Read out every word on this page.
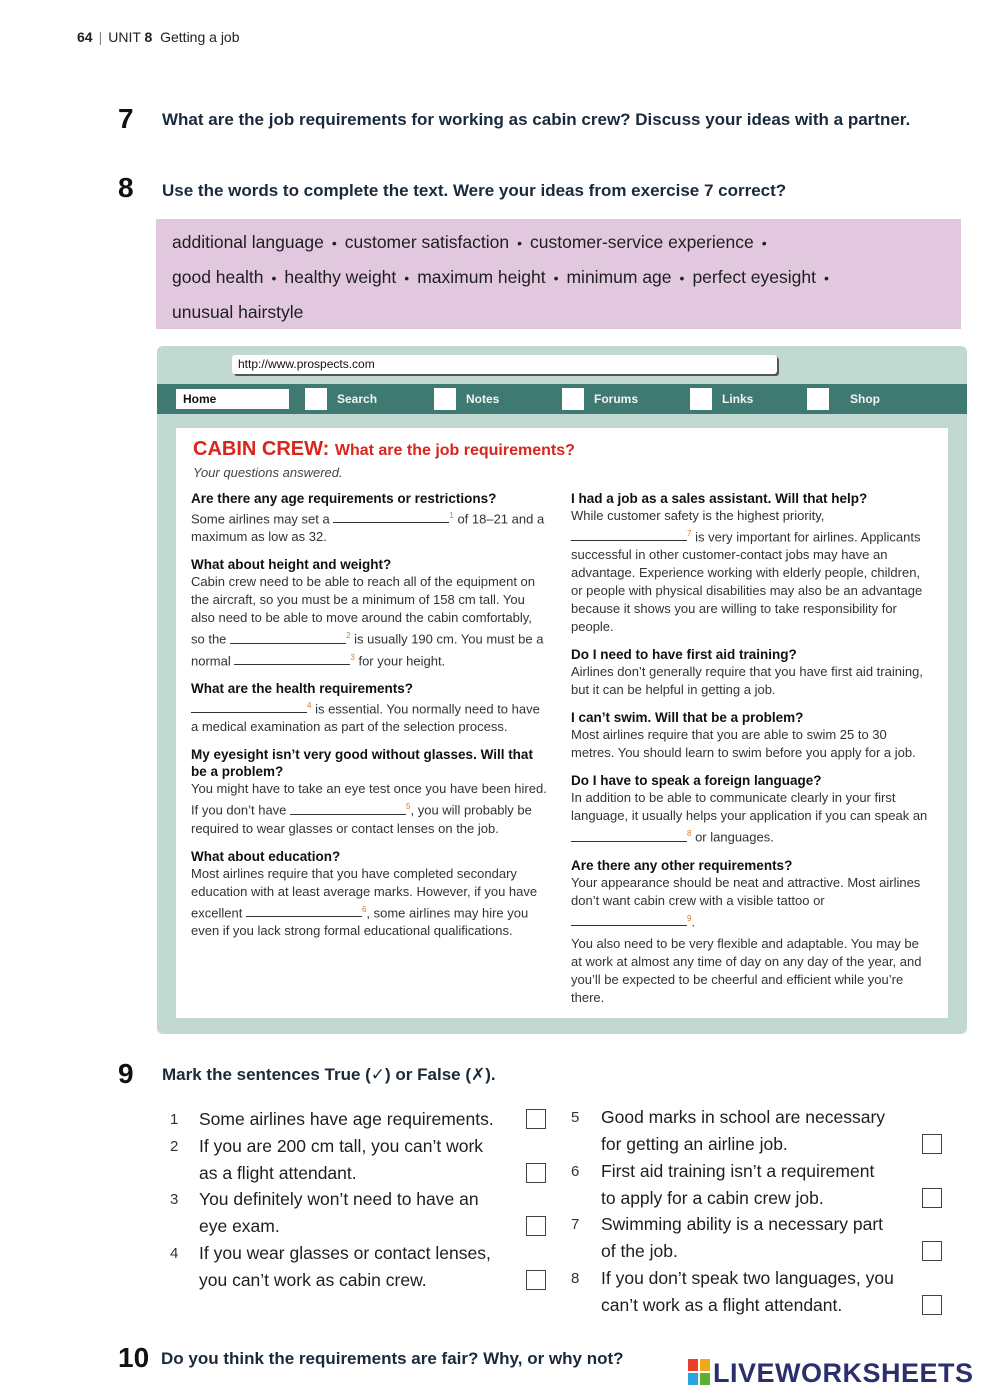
64 | UNIT 8 Getting a job
7 What are the job requirements for working as cabin crew? Discuss your ideas with a partner.
8 Use the words to complete the text. Were your ideas from exercise 7 correct?
additional language • customer satisfaction • customer-service experience •
good health • healthy weight • maximum height • minimum age • perfect eyesight •
unusual hairstyle
http://www.prospects.com
Search	Notes	Forums	Links	Shop
Home
CABIN CREW: What are the job requirements?
Your questions answered.
Are there any age requirements or restrictions?

Some airlines may set a	$^1$ of 18–21 and a maximum as low as 32.

What about height and weight?

Cabin crew need to be able to reach all of the equipment on the aircraft, so you must be a minimum of 158 cm tall. You also need to be able to move around the cabin comfortably, so the	$^2$ is usually 190 cm. You must be a normal	$^3$ for your height.

What are the health requirements?

$^4$ is essential. You normally need to have a medical examination as part of the selection process.

My eyesight isn’t very good without glasses. Will that be a problem?

You might have to take an eye test once you have been hired. If you don’t have	$^5$, you will probably be required to wear glasses or contact lenses on the job.

What about education?

Most airlines require that you have completed secondary education with at least average marks. However, if you have excellent	$^6$, some airlines may hire you even if you lack strong formal educational qualifications.

I had a job as a sales assistant. Will that help?

While customer safety is the highest priority, $^7$ is very important for airlines. Applicants successful in other customer-contact jobs may have an advantage. Experience working with elderly people, children, or people with physical disabilities may also be an advantage because it shows you are willing to take responsibility for people.

Do I need to have first aid training?

Airlines don’t generally require that you have first aid training, but it can be helpful in getting a job.

I can’t swim. Will that be a problem?

Most airlines require that you are able to swim 25 to 30 metres. You should learn to swim before you apply for a job.

Do I have to speak a foreign language?

In addition to be able to communicate clearly in your first language, it usually helps your application if you can speak an $^8$ or languages.

Are there any other requirements?

Your appearance should be neat and attractive. Most airlines don’t want cabin crew with a visible tattoo or $^9$.

You also need to be very flexible and adaptable. You may be at work at almost any time of day on any day of the year, and you’ll be expected to be cheerful and efficient while you’re there.

9 Mark the sentences True (✓) or False (✗).
1 Some airlines have age requirements.
2 If you are 200 cm tall, you can’t work
as a flight attendant.
3 You definitely won’t need to have an
eye exam.
4 If you wear glasses or contact lenses,
you can’t work as cabin crew.
5 Good marks in school are necessary
for getting an airline job.
6 First aid training isn’t a requirement
to apply for a cabin crew job.
7 Swimming ability is a necessary part
of the job.
8 If you don’t speak two languages, you
can’t work as a flight attendant.
10 Do you think the requirements are fair? Why, or why not?	LIVEWORKSHEETS
